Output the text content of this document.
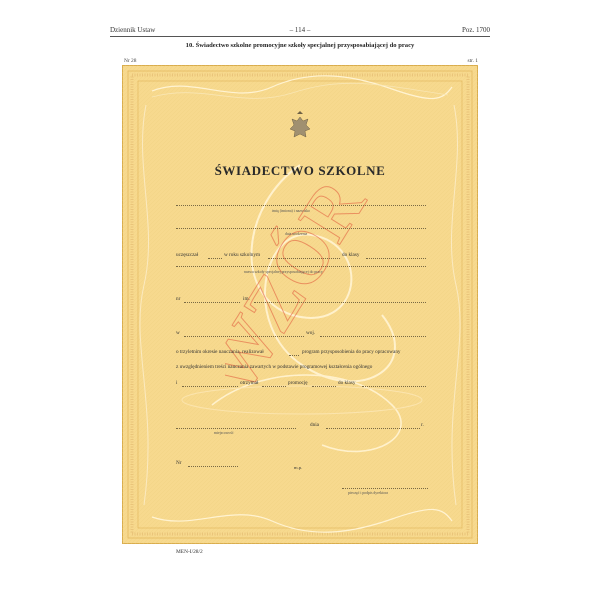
Dziennik Ustaw	– 114 –	Poz. 1700
10. Świadectwo szkolne promocyjne szkoły specjalnej przysposabiającej do pracy
Nr 28	str. 1
WZÓR
ŚWIADECTWO SZKOLNE
imię (imiona) i nazwisko
data urodzenia
uczęszczał	w roku szkolnym	do klasy
nazwa szkoły specjalnej przysposabiającej do pracy
nr	im.
w	woj.
o trzyletnim okresie nauczania, realizował	program przysposobienia do pracy opracowany
z uwzględnieniem treści nauczania zawartych w podstawie programowej kształcenia ogólnego
i	otrzymał	promocję	do klasy
miejscowość
dnia	r.
Nr
m.p.
pieczęć i podpis dyrektora
MEN-I/28/2
